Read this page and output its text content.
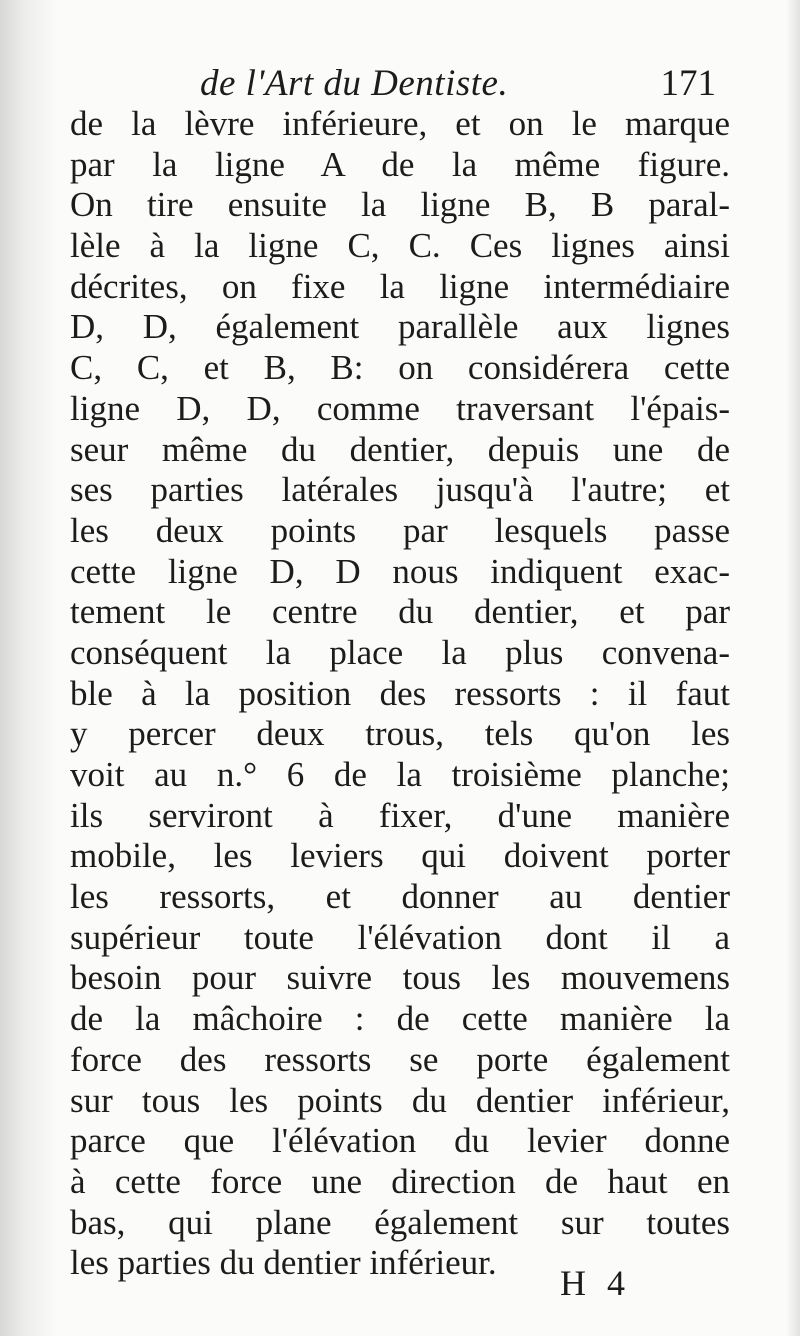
de l'Art du Dentiste.	171
de la lèvre inférieure, et on le marque
par la ligne A de la même figure.
On tire ensuite la ligne B, B paral-
lèle à la ligne C, C. Ces lignes ainsi
décrites, on fixe la ligne intermédiaire
D, D, également parallèle aux lignes
C, C, et B, B: on considérera cette
ligne D, D, comme traversant l'épais-
seur même du dentier, depuis une de
ses parties latérales jusqu'à l'autre; et
les deux points par lesquels passe
cette ligne D, D nous indiquent exac-
tement le centre du dentier, et par
conséquent la place la plus convena-
ble à la position des ressorts : il faut
y percer deux trous, tels qu'on les
voit au n.° 6 de la troisième planche;
ils serviront à fixer, d'une manière
mobile, les leviers qui doivent porter
les ressorts, et donner au dentier
supérieur toute l'élévation dont il a
besoin pour suivre tous les mouvemens
de la mâchoire : de cette manière la
force des ressorts se porte également
sur tous les points du dentier inférieur,
parce que l'élévation du levier donne
à cette force une direction de haut en
bas, qui plane également sur toutes
les parties du dentier inférieur.
H 4
